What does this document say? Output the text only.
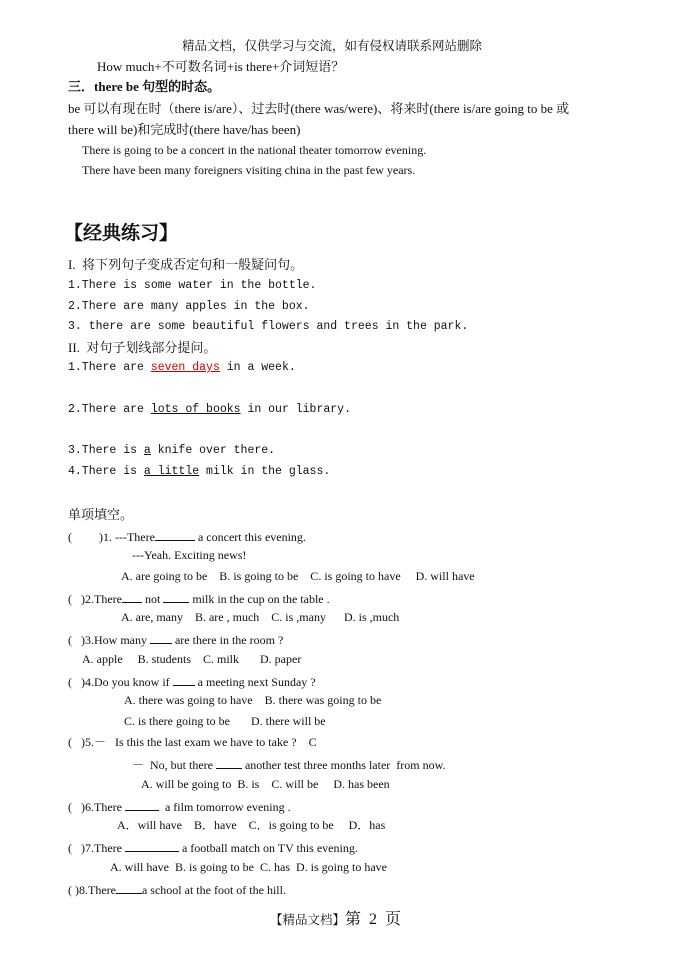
精品文档，仅供学习与交流，如有侵权请联系网站删除
How much+不可数名词+is there+介词短语？
三．there be 句型的时态。
be 可以有现在时（there is/are）、过去时(there was/were)、将来时(there is/are going to be 或
there will be)和完成时(there have/has been)
There is going to be a concert in the national theater tomorrow evening.
There have been many foreigners visiting china in the past few years.
【经典练习】
I.  将下列句子变成否定句和一般疑问句。
1.There is some water in the bottle.
2.There are many apples in the box.
3. there are some beautiful flowers and trees in the park.
II.  对句子划线部分提问。
1.There are seven days in a week.
2.There are lots of books in our library.
3.There is a knife over there.
4.There is a little milk in the glass.
单项填空。
(         )1. ---There	a concert this evening.
---Yeah. Exciting news!
A. are going to be    B. is going to be    C. is going to have     D. will have
(   )2.There not  milk in the cup on the table .
A. are, many    B. are , much    C. is ,many      D. is ,much
(   )3.How many  are there in the room ?
A. apple     B. students    C. milk       D. paper
(   )4.Do you know if  a meeting next Sunday ?
A. there was going to have    B. there was going to be
C. is there going to be       D. there will be
(   )5.－   Is this the last exam we have to take ?    C
－  No, but there  another test three months later  from now.
A. will be going to  B. is    C. will be     D. has been
(   )6.There	a film tomorrow evening .
A．will have    B．have    C．is going to be     D．has
(   )7.There	a football match on TV this evening.
A. will have  B. is going to be  C. has  D. is going to have
( )8.There a school at the foot of the hill.
【精品文档】第  2  页
